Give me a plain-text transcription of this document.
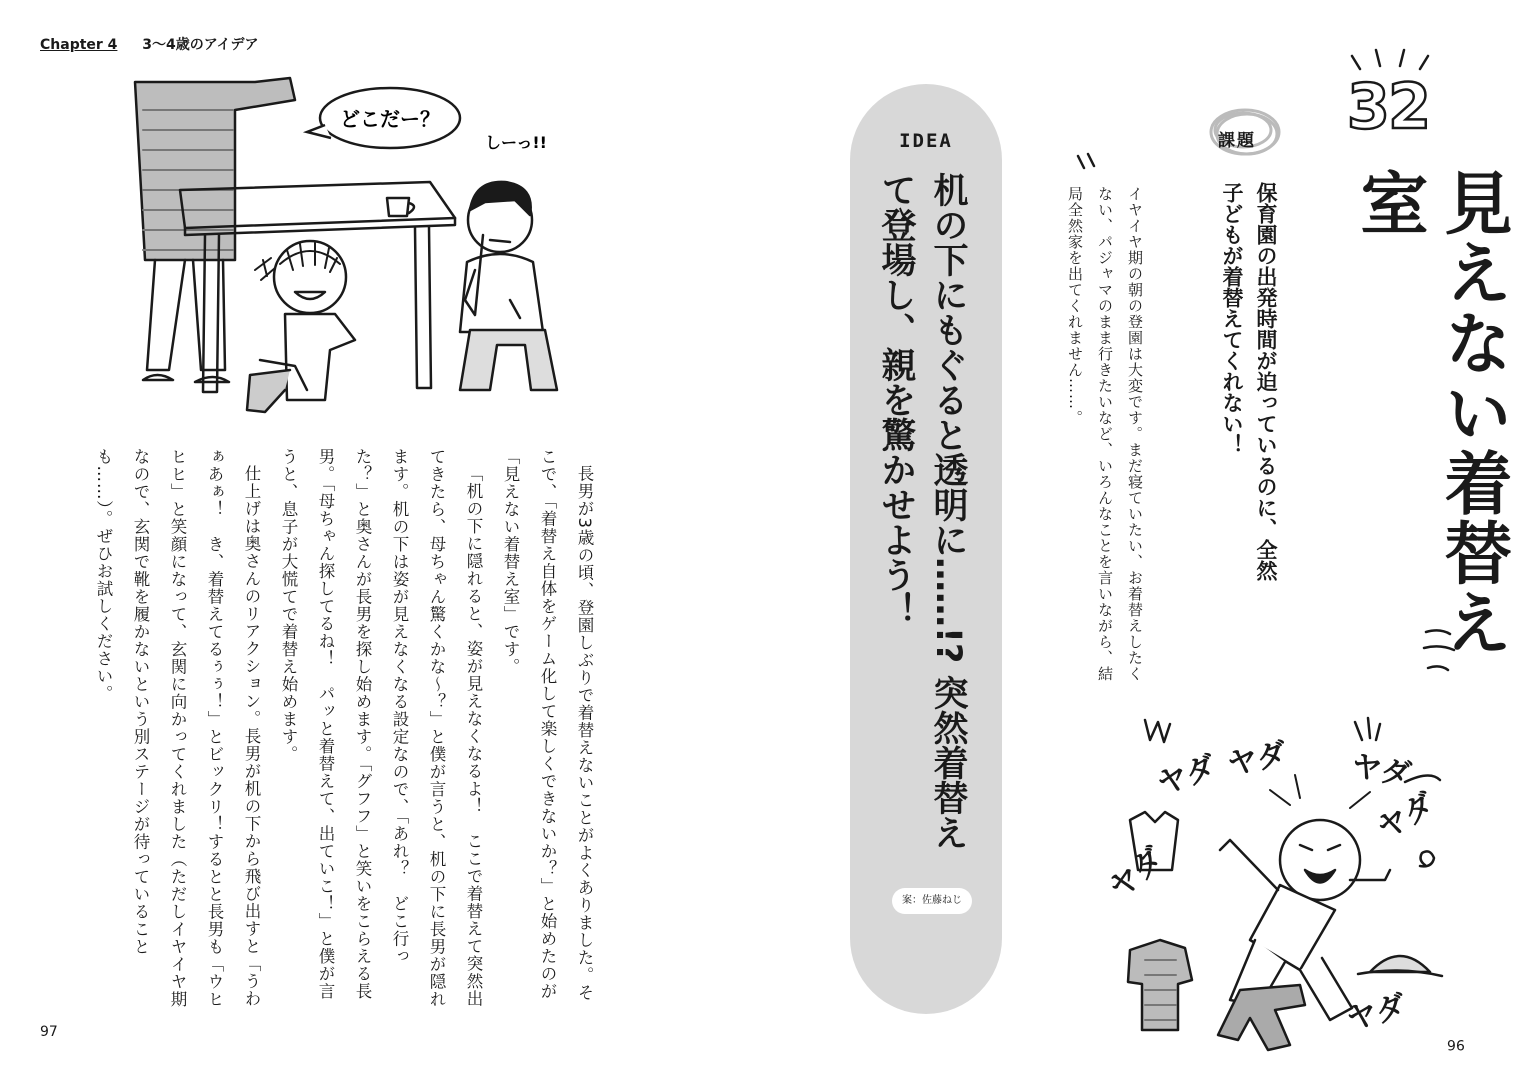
Chapter 4 3～4歳のアイデア
どこだー？
しーっ!!

長男が3歳の頃、登園しぶりで着替えないことがよくありました。そこで、「着替え自体をゲーム化して楽しくできないか？」と始めたのが「見えない着替え室」です。

「机の下に隠れると、姿が見えなくなるよ！　ここで着替えて突然出てきたら、母ちゃん驚くかな〜？」と僕が言うと、机の下に長男が隠れます。机の下は姿が見えなくなる設定なので、「あれ？　どこ行った？」と奥さんが長男を探し始めます。「グフフ」と笑いをこらえる長男。「母ちゃん探してるね！　パッと着替えて、出ていこ！」と僕が言うと、息子が大慌てで着替え始めます。

仕上げは奥さんのリアクション。長男が机の下から飛び出すと「うわぁあぁ！　き、着替えてるぅぅ！」とビックリ！するとと長男も「ウヒヒヒ」と笑顔になって、玄関に向かってくれました（ただしイヤイヤ期なので、玄関で靴を履かないという別ステージが待っていることも……）。ぜひお試しください。

97
IDEA
机の下にもぐると透明に……!? 突然着替えて登場し、親を驚かせよう！
案：佐藤ねじ
32
見えない着替え室
課題
保育園の出発時間が迫っているのに、全然子どもが着替えてくれない！
イヤイヤ期の朝の登園は大変です。まだ寝ていたい、お着替えしたくない、パジャマのまま行きたいなど、いろんなことを言いながら、結局全然家を出てくれません……。
ヤダ ヤダ ヤダ
ヤダ
ヤダ
ヤダ
96
